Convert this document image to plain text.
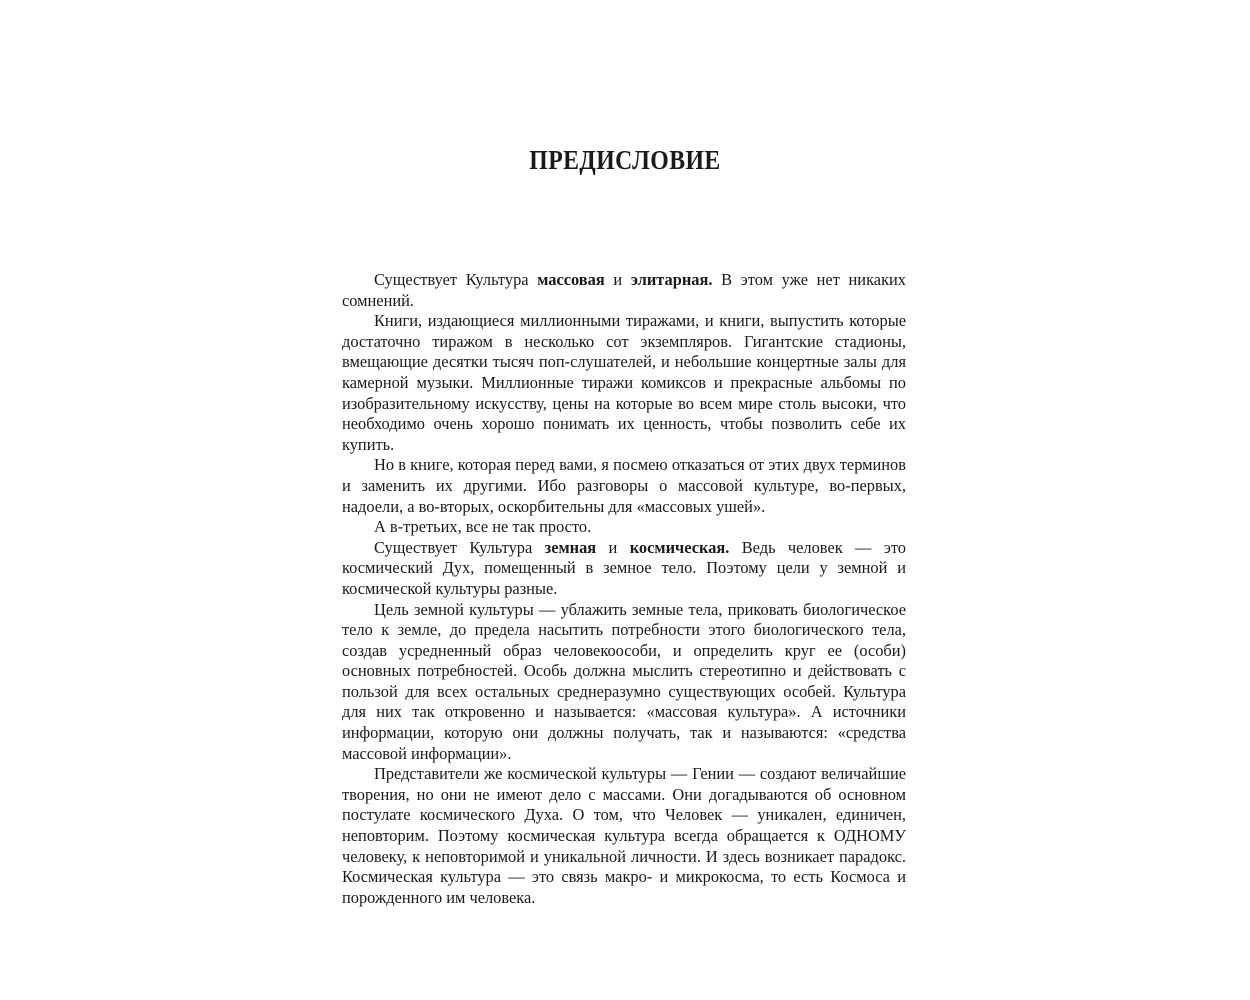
ПРЕДИСЛОВИЕ

Существует Культура массовая и элитарная. В этом уже нет никаких сомнений.

Книги, издающиеся миллионными тиражами, и книги, выпустить которые достаточно тиражом в несколько сот экземпляров. Гигантские стадионы, вмещающие десятки тысяч поп-слушателей, и небольшие концертные залы для камерной музыки. Миллионные тиражи комиксов и прекрасные альбомы по изобразительному искусству, цены на которые во всем мире столь высоки, что необходимо очень хорошо понимать их ценность, чтобы позволить себе их купить.

Но в книге, которая перед вами, я посмею отказаться от этих двух терминов и заменить их другими. Ибо разговоры о массовой культуре, во-первых, надоели, а во-вторых, оскорбительны для «массовых ушей».

А в-третьих, все не так просто.

Существует Культура земная и космическая. Ведь человек — это космический Дух, помещенный в земное тело. Поэтому цели у земной и космической культуры разные.

Цель земной культуры — ублажить земные тела, приковать биологическое тело к земле, до предела насытить потребности этого биологического тела, создав усредненный образ человекоособи, и определить круг ее (особи) основных потребностей. Особь должна мыслить стереотипно и действовать с пользой для всех остальных среднеразумно существующих особей. Культура для них так откровенно и называется: «массовая культура». А источники информации, которую они должны получать, так и называются: «средства массовой информации».

Представители же космической культуры — Гении — создают величайшие творения, но они не имеют дело с массами. Они догадываются об основном постулате космического Духа. О том, что Человек — уникален, единичен, неповторим. Поэтому космическая культура всегда обращается к ОДНОМУ человеку, к неповторимой и уникальной личности. И здесь возникает парадокс. Космическая культура — это связь макро- и микрокосма, то есть Космоса и порожденного им человека.
